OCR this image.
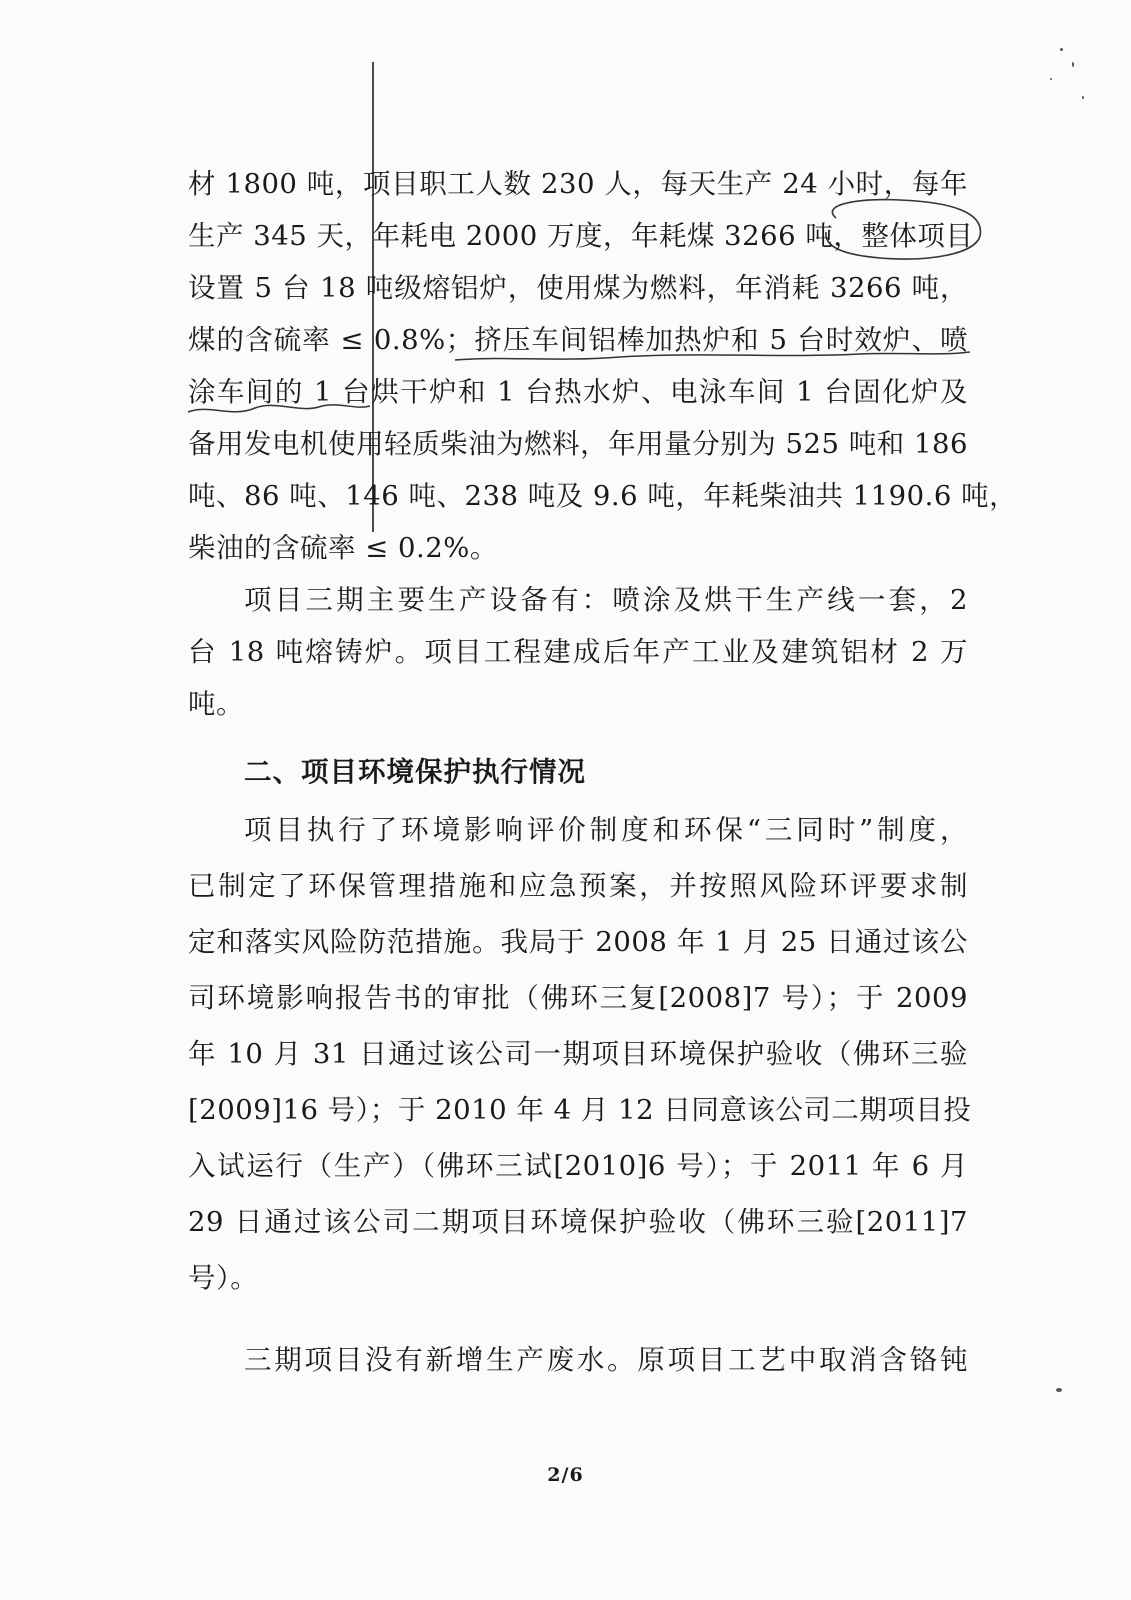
材 1800 吨，项目职工人数 230 人，每天生产 24 小时，每年
生产 345 天，年耗电 2000 万度，年耗煤 3266 吨，整体项目
设置 5 台 18 吨级熔铝炉，使用煤为燃料，年消耗 3266 吨，
煤的含硫率 ≤ 0.8%；挤压车间铝棒加热炉和 5 台时效炉、喷
涂车间的 1 台烘干炉和 1 台热水炉、电泳车间 1 台固化炉及
备用发电机使用轻质柴油为燃料，年用量分别为 525 吨和 186
吨、86 吨、146 吨、238 吨及 9.6 吨，年耗柴油共 1190.6 吨，
柴油的含硫率 ≤ 0.2%。
项目三期主要生产设备有：喷涂及烘干生产线一套，2
台 18 吨熔铸炉。项目工程建成后年产工业及建筑铝材 2 万
吨。
二、项目环境保护执行情况
项目执行了环境影响评价制度和环保“三同时”制度，
已制定了环保管理措施和应急预案，并按照风险环评要求制
定和落实风险防范措施。我局于 2008 年 1 月 25 日通过该公
司环境影响报告书的审批（佛环三复[2008]7 号）；于 2009
年 10 月 31 日通过该公司一期项目环境保护验收（佛环三验
[2009]16 号）；于 2010 年 4 月 12 日同意该公司二期项目投
入试运行（生产）（佛环三试[2010]6 号）；于 2011 年 6 月
29 日通过该公司二期项目环境保护验收（佛环三验[2011]7
号）。
三期项目没有新增生产废水。原项目工艺中取消含铬钝
2/6
